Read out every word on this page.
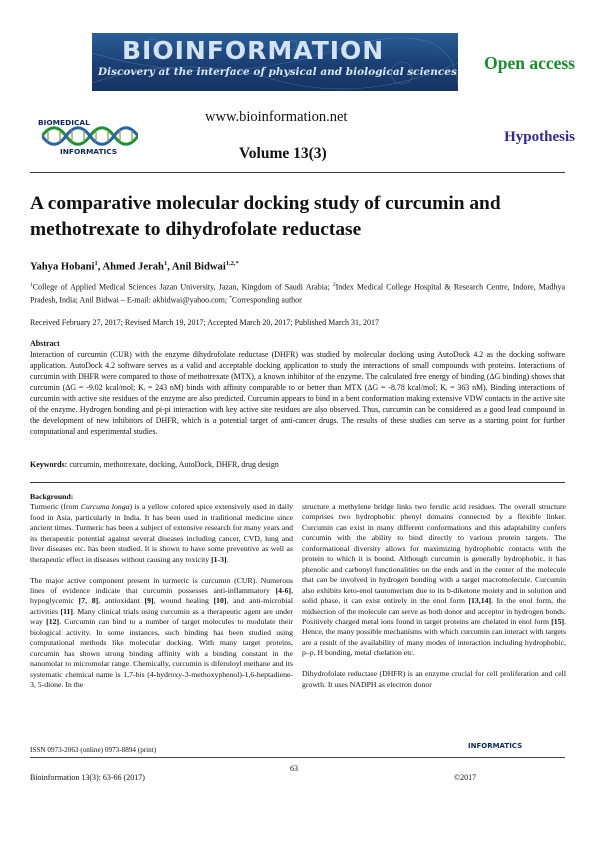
BIOINFORMATION
Discovery at the interface of physical and biological sciences Open access
BIOMEDICAL
INFORMATICS
www.bioinformation.net
Hypothesis
Volume 13(3)
A comparative molecular docking study of curcumin and methotrexate to dihydrofolate reductase
Yahya Hobani$^1$, Ahmed Jerah$^1$, Anil Bidwai$^{1,2,*}$
$^1$College of Applied Medical Sciences Jazan University, Jazan, Kingdom of Saudi Arabia; $^2$Index Medical College Hospital & Research Centre, Indore, Madhya Pradesh, India; Anil Bidwai – E-mail: akbidwai@yahoo.com; *Corresponding author
Received February 27, 2017; Revised March 19, 2017; Accepted March 20, 2017; Published March 31, 2017
Abstract
Interaction of curcumin (CUR) with the enzyme dihydrofolate reductase (DHFR) was studied by molecular docking using AutoDock 4.2 as the docking software application. AutoDock 4.2 software serves as a valid and acceptable docking application to study the interactions of small compounds with proteins. Interactions of curcumin with DHFR were compared to those of methotrexate (MTX), a known inhibitor of the enzyme. The calculated free energy of binding (ΔG binding) shows that curcumin (ΔG = -9.02 kcal/mol; Kᵢ = 243 nM) binds with affinity comparable to or better than MTX (ΔG = -8.78 kcal/mol; Kᵢ = 363 nM). Binding interactions of curcumin with active site residues of the enzyme are also predicted. Curcumin appears to bind in a bent conformation making extensive VDW contacts in the active site of the enzyme. Hydrogen bonding and pi-pi interaction with key active site residues are also observed. Thus, curcumin can be considered as a good lead compound in the development of new inhibitors of DHFR, which is a potential target of anti-cancer drugs. The results of these studies can serve as a starting point for further computational and experimental studies.
Keywords: curcumin, methotrexate, docking, AutoDock, DHFR, drug design
Background:

Turmeric (from Curcuma longa) is a yellow colored spice extensively used in daily food in Asia, particularly in India. It has been used in traditional medicine since ancient times. Turmeric has been a subject of extensive research for many years and its therapeutic potential against several diseases including cancer, CVD, lung and liver diseases etc. has been studied. It is shown to have some preventive as well as therapeutic effect in diseases without causing any toxicity [1-3].

The major active component present in turmeric is curcumin (CUR). Numerous lines of evidence indicate that curcumin possesses anti-inflammatory [4-6], hypoglycemic [7, 8], antioxidant [9], wound healing [10], and anti-microbial activities [11]. Many clinical trials using curcumin as a therapeutic agent are under way [12]. Curcumin can bind to a number of target molecules to modulate their biological activity. In some instances, such binding has been studied using computational methods like molecular docking. With many target proteins, curcumin has shown strong binding affinity with a binding constant in the nanomolar to micromolar range. Chemically, curcumin is diferuloyl methane and its systematic chemical name is 1,7-bis (4-hydroxy-3-methoxyphenol)-1,6-heptadiene-3, 5-dione. In the

structure a methylene bridge links two ferulic acid residues. The overall structure comprises two hydrophobic phenyl domains connected by a flexible linker. Curcumin can exist in many different conformations and this adaptability confers curcumin with the ability to bind directly to various protein targets. The conformational diversity allows for maximizing hydrophobic contacts with the protein to which it is bound. Although curcumin is generally hydrophobic, it has phenolic and carbonyl functionalities on the ends and in the center of the molecule that can be involved in hydrogen bonding with a target macromolecule. Curcumin also exhibits keto-enol tautomerism due to its b-diketone moiety and in solution and solid phase, it can exist entirely in the enol form [13,14]. In the enol form, the midsection of the molecule can serve as both donor and acceptor in hydrogen bonds. Positively charged metal ions found in target proteins are chelated in enol form [15]. Hence, the many possible mechanisms with which curcumin can interact with targets are a result of the availability of many modes of interaction including hydrophobic, p–p, H bonding, metal chelation etc.

Dihydrofolate reductase (DHFR) is an enzyme crucial for cell proliferation and cell growth. It uses NADPH as electron donor

ISSN 0973-2063 (online) 0973-8894 (print)	INFORMATICS
63
Bioinformation 13(3): 63-66 (2017)	©2017
